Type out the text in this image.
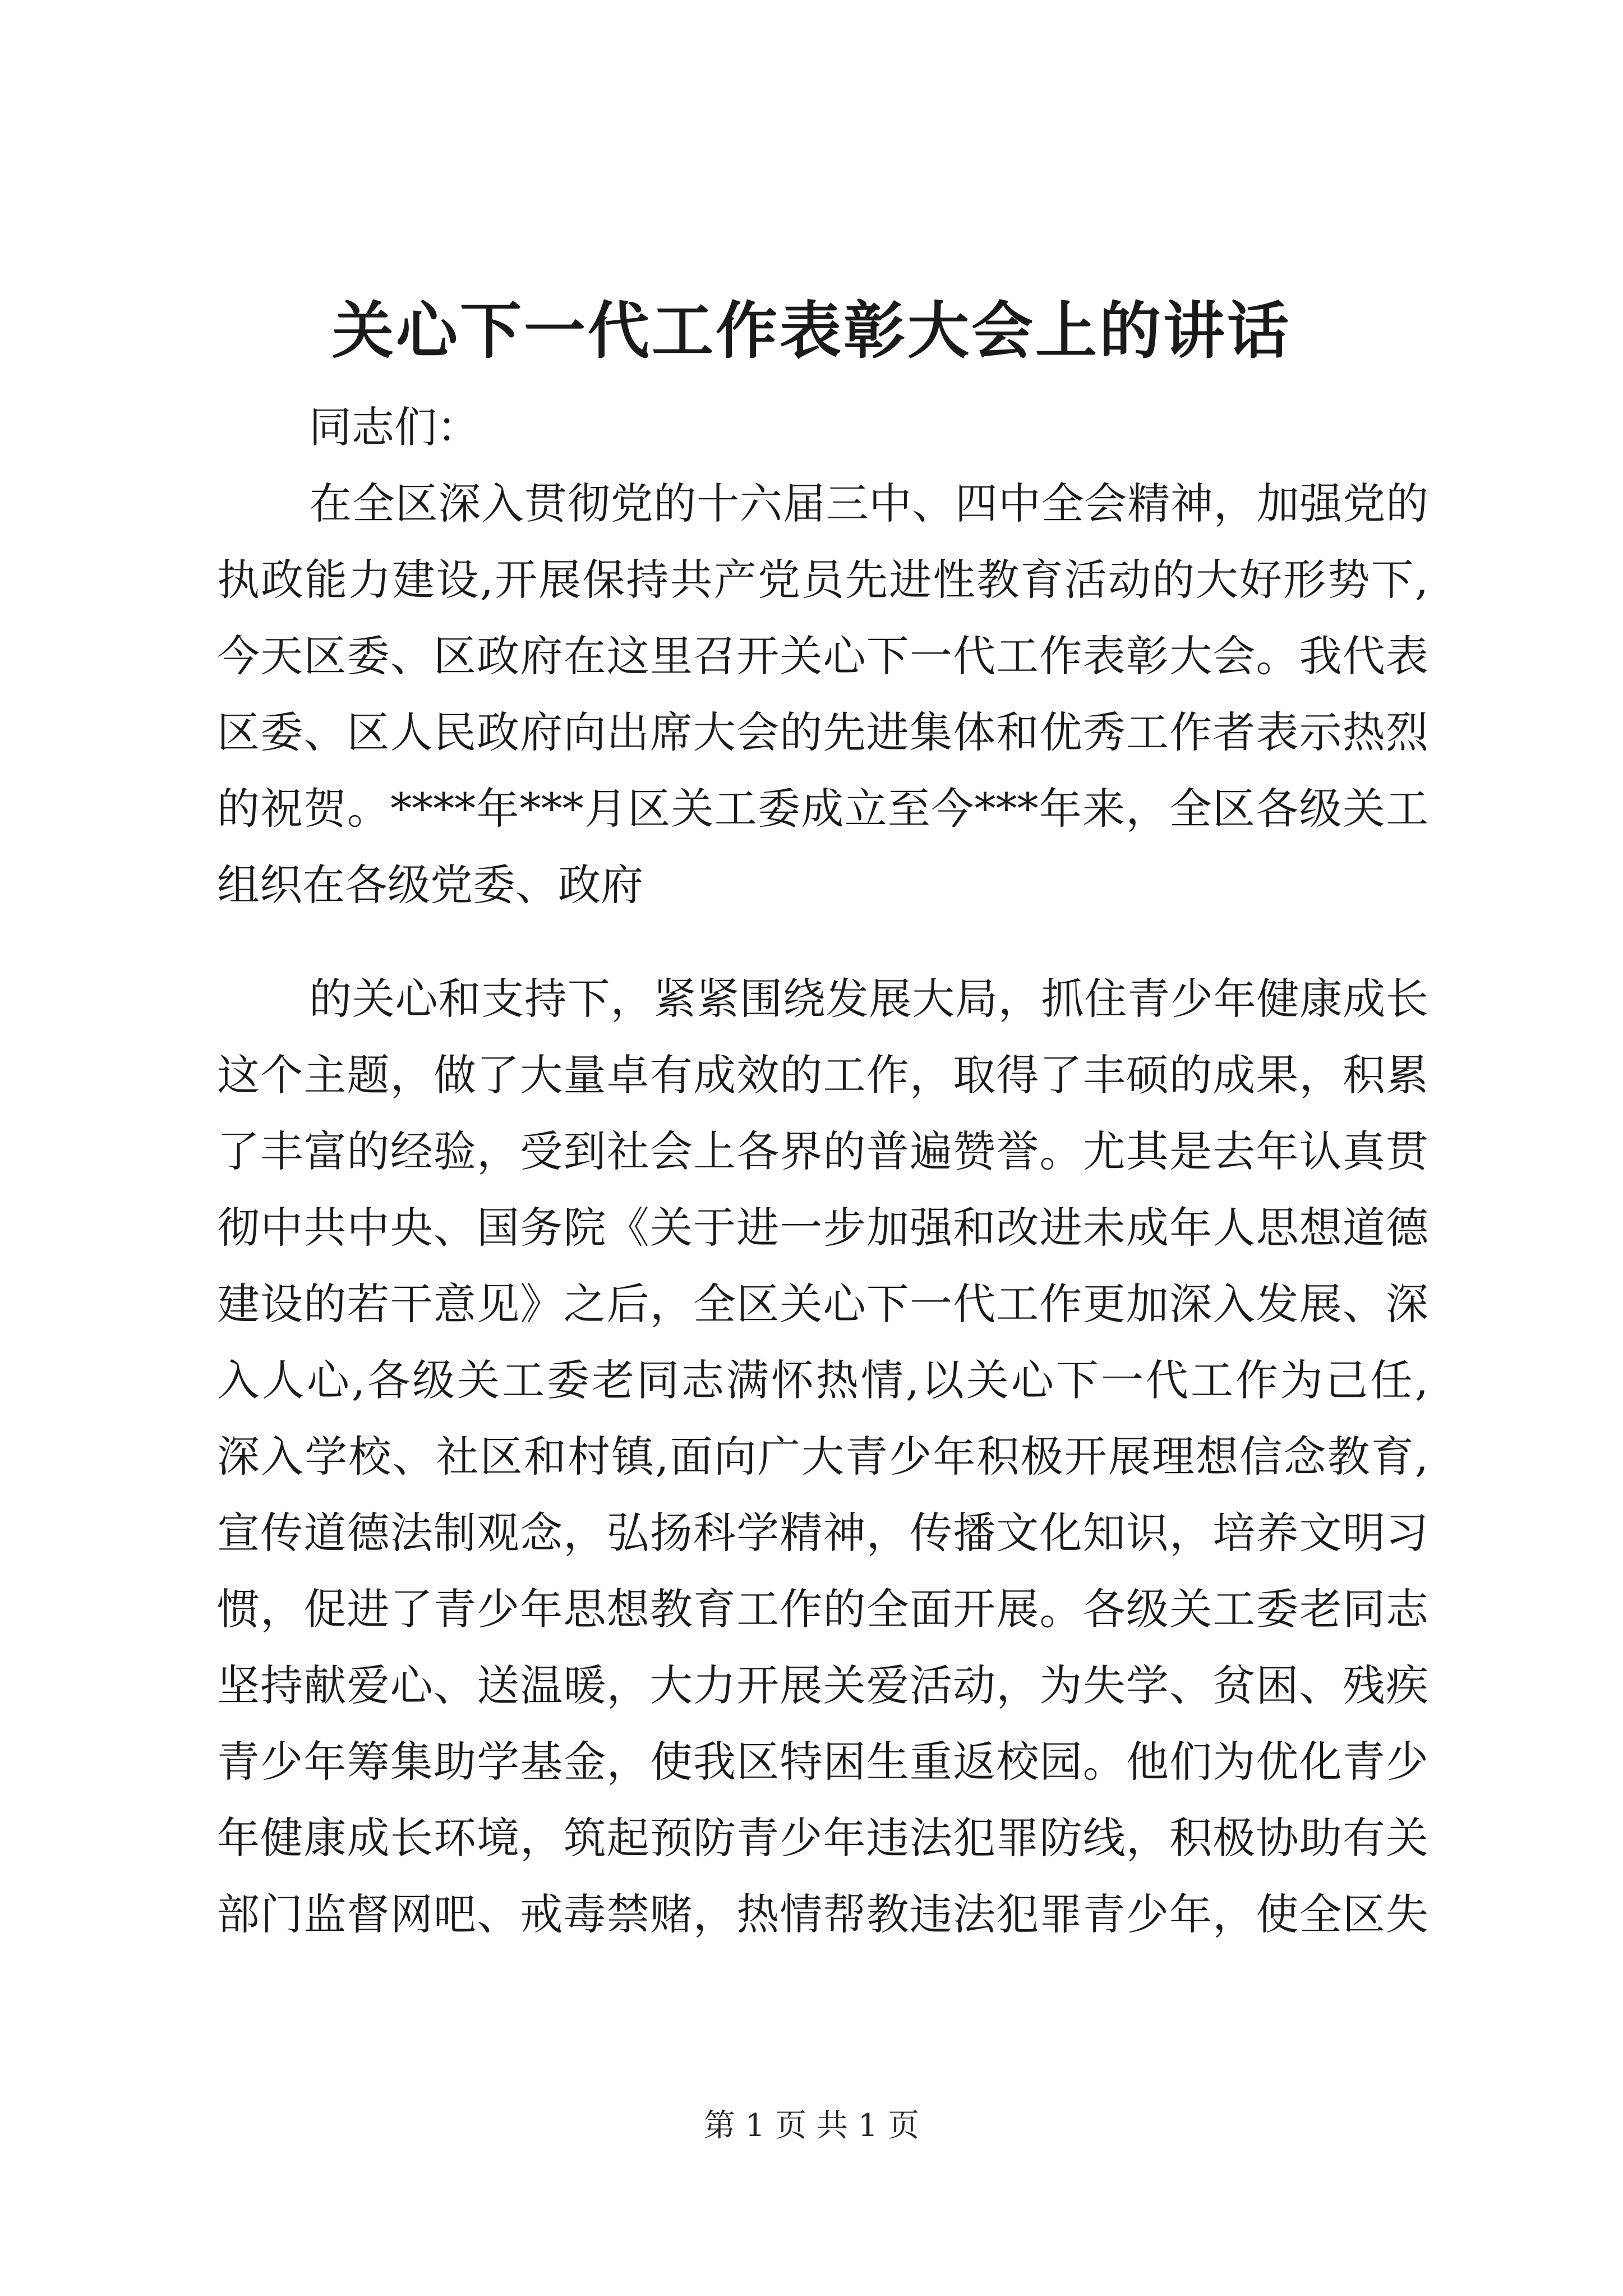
关心下一代工作表彰大会上的讲话
同志们：
在全区深入贯彻党的十六届三中、四中全会精神，加强党的
执政能力建设,开展保持共产党员先进性教育活动的大好形势下,
今天区委、区政府在这里召开关心下一代工作表彰大会。我代表
区委、区人民政府向出席大会的先进集体和优秀工作者表示热烈
的祝贺。****年***月区关工委成立至今***年来，全区各级关工
组织在各级党委、政府
的关心和支持下，紧紧围绕发展大局，抓住青少年健康成长
这个主题，做了大量卓有成效的工作，取得了丰硕的成果，积累
了丰富的经验，受到社会上各界的普遍赞誉。尤其是去年认真贯
彻中共中央、国务院《关于进一步加强和改进未成年人思想道德
建设的若干意见》之后，全区关心下一代工作更加深入发展、深
入人心,各级关工委老同志满怀热情,以关心下一代工作为己任,
深入学校、社区和村镇,面向广大青少年积极开展理想信念教育,
宣传道德法制观念，弘扬科学精神，传播文化知识，培养文明习
惯，促进了青少年思想教育工作的全面开展。各级关工委老同志
坚持献爱心、送温暖，大力开展关爱活动，为失学、贫困、残疾
青少年筹集助学基金，使我区特困生重返校园。他们为优化青少
年健康成长环境，筑起预防青少年违法犯罪防线，积极协助有关
部门监督网吧、戒毒禁赌，热情帮教违法犯罪青少年，使全区失
第 1 页 共 1 页
